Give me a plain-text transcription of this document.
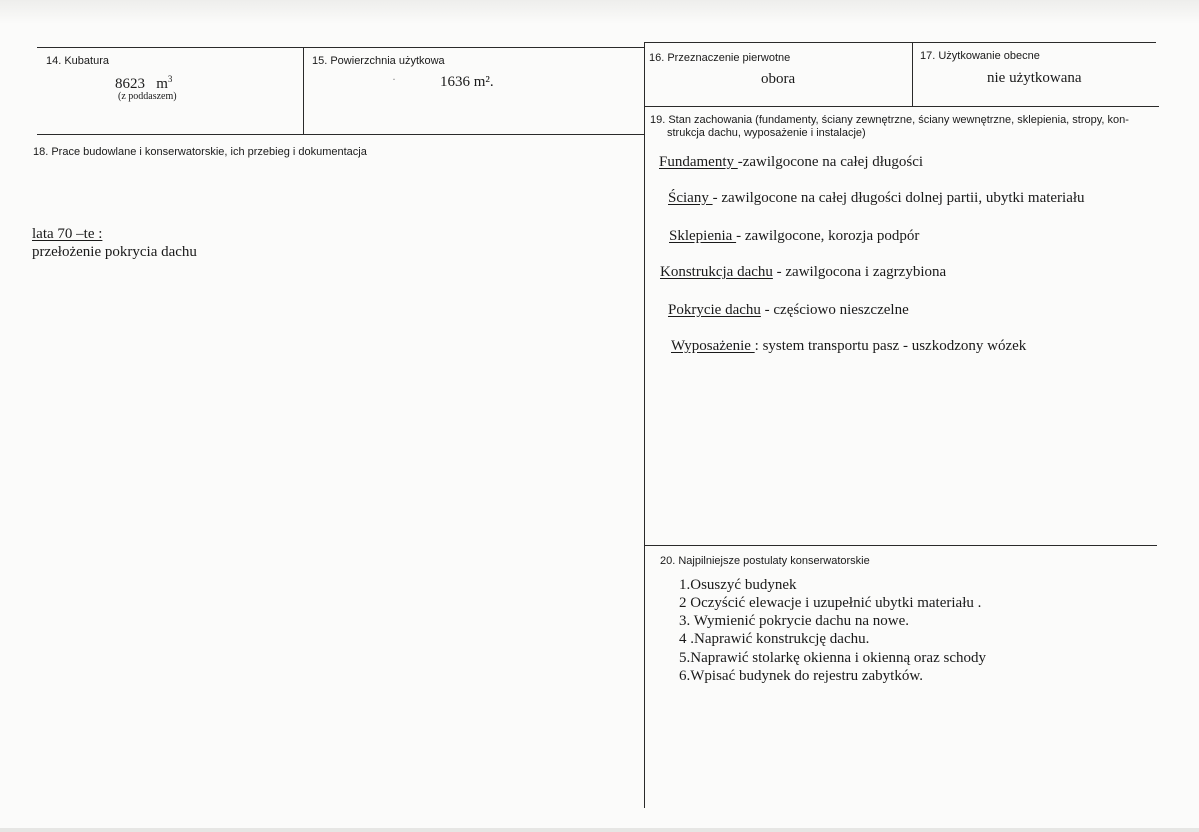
14. Kubatura
8623 $m^3$
(z poddaszem)
15. Powierzchnia użytkowa
·	1636 m².
16. Przeznaczenie pierwotne
obora
17. Użytkowanie obecne
nie użytkowana
18. Prace budowlane i konserwatorskie, ich przebieg i dokumentacja
lata 70 –te :
przełożenie pokrycia dachu
19. Stan zachowania (fundamenty, ściany zewnętrzne, ściany wewnętrzne, sklepienia, stropy, kon-
strukcja dachu, wyposażenie i instalacje)
Fundamenty -zawilgocone na całej długości
Ściany - zawilgocone na całej długości dolnej partii, ubytki materiału
Sklepienia - zawilgocone, korozja podpór
Konstrukcja dachu - zawilgocona i zagrzybiona
Pokrycie dachu - częściowo nieszczelne
Wyposażenie : system transportu pasz - uszkodzony wózek
20. Najpilniejsze postulaty konserwatorskie
1.Osuszyć budynek
2 Oczyścić elewacje i uzupełnić ubytki materiału .
3. Wymienić pokrycie dachu na nowe.
4 .Naprawić konstrukcję dachu.
5.Naprawić stolarkę okienna i okienną oraz schody
6.Wpisać budynek do rejestru zabytków.
